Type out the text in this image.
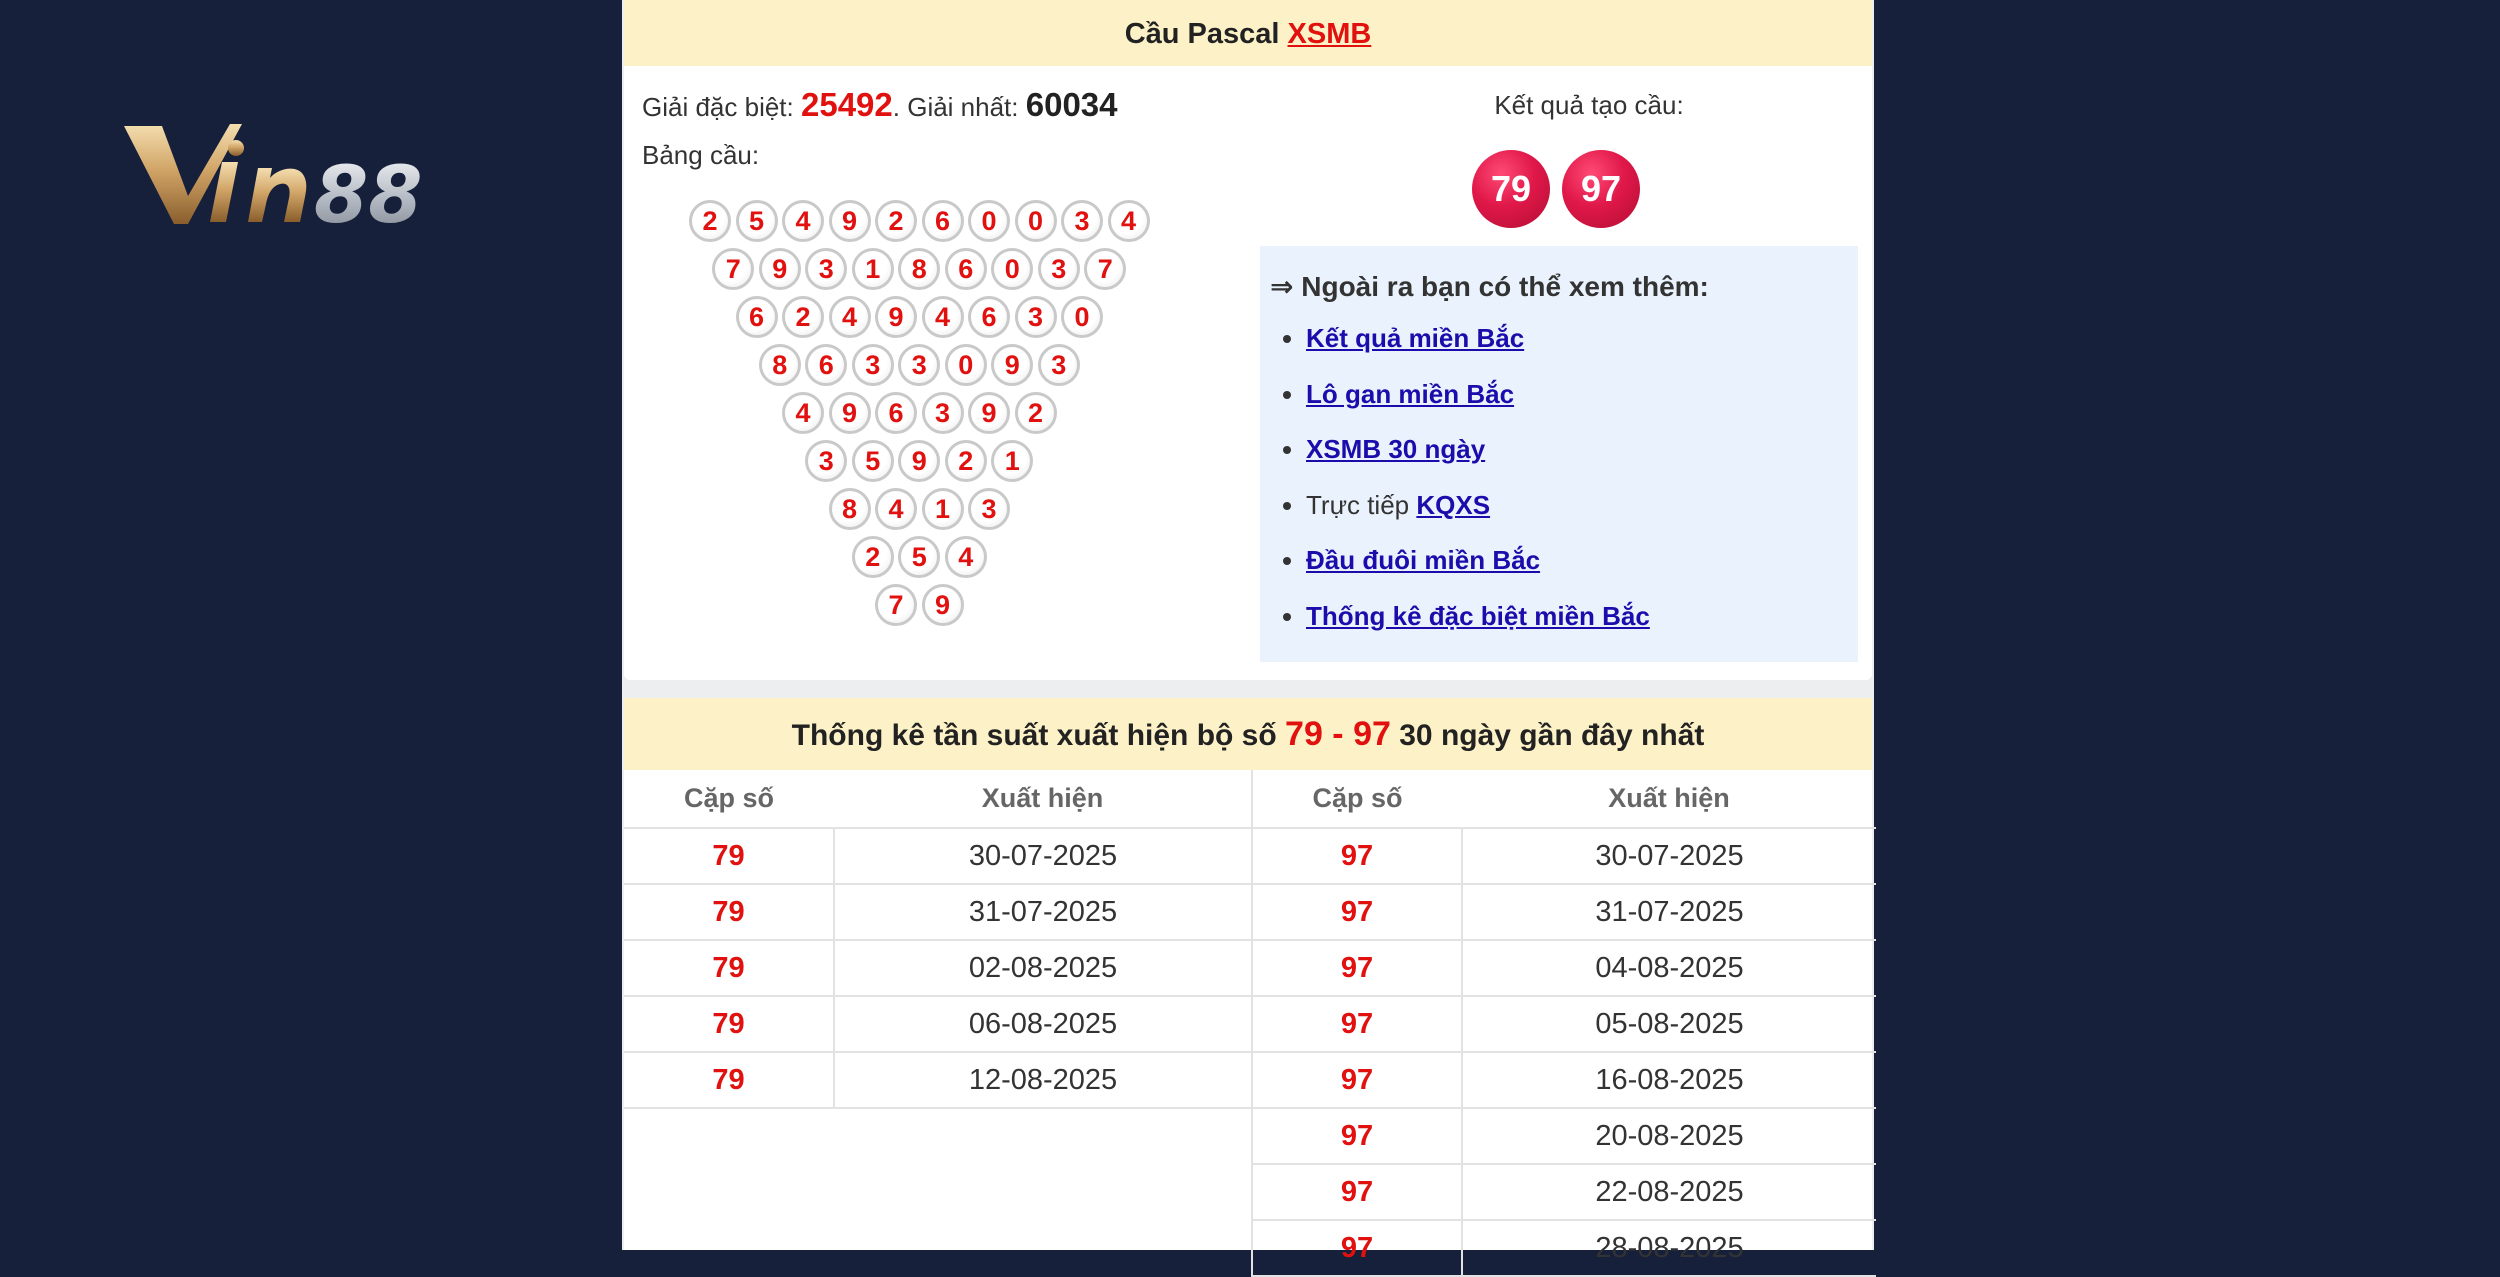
88
Cầu Pascal XSMB
Giải đặc biệt: 25492. Giải nhất: 60034
Bảng cầu:
2	5	4	9	2	6	0	0	3	4
7	9	3	1	8	6	0	3	7
6	2	4	9	4	6	3	0
8	6	3	3	0	9	3
4	9	6	3	9	2
3	5	9	2	1
8	4	1	3
2	5	4
7	9
Kết quả tạo cầu:
79	97
⇒ Ngoài ra bạn có thể xem thêm:
• Kết quả miền Bắc
• Lô gan miền Bắc
• XSMB 30 ngày
• Trực tiếp KQXS
• Đầu đuôi miền Bắc
• Thống kê đặc biệt miền Bắc
Thống kê tần suất xuất hiện bộ số 79 - 97 30 ngày gần đây nhất
Cặp số	Xuất hiện	Cặp số	Xuất hiện
79	30-07-2025	97	30-07-2025
79	31-07-2025	97	31-07-2025
79	02-08-2025	97	04-08-2025
79	06-08-2025	97	05-08-2025
79	12-08-2025	97	16-08-2025
		97	20-08-2025
		97	22-08-2025
		97	28-08-2025
